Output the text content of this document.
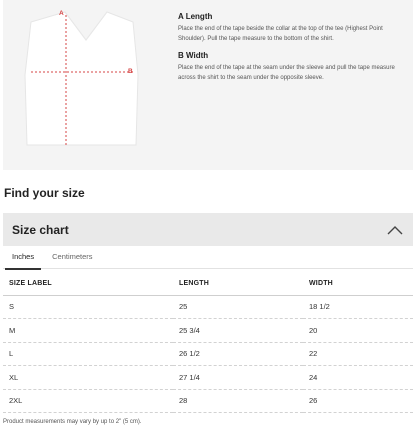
A
B
A Length
Place the end of the tape beside the collar at the top of the tee (Highest Point Shoulder). Pull the tape measure to the bottom of the shirt.
B Width
Place the end of the tape at the seam under the sleeve and pull the tape measure across the shirt to the seam under the opposite sleeve.
Find your size
Size chart
Inches	Centimeters
SIZE LABEL	LENGTH	WIDTH
S	25	18 1/2
M	25 3/4	20
L	26 1/2	22
XL	27 1/4	24
2XL	28	26
Product measurements may vary by up to 2" (5 cm).
